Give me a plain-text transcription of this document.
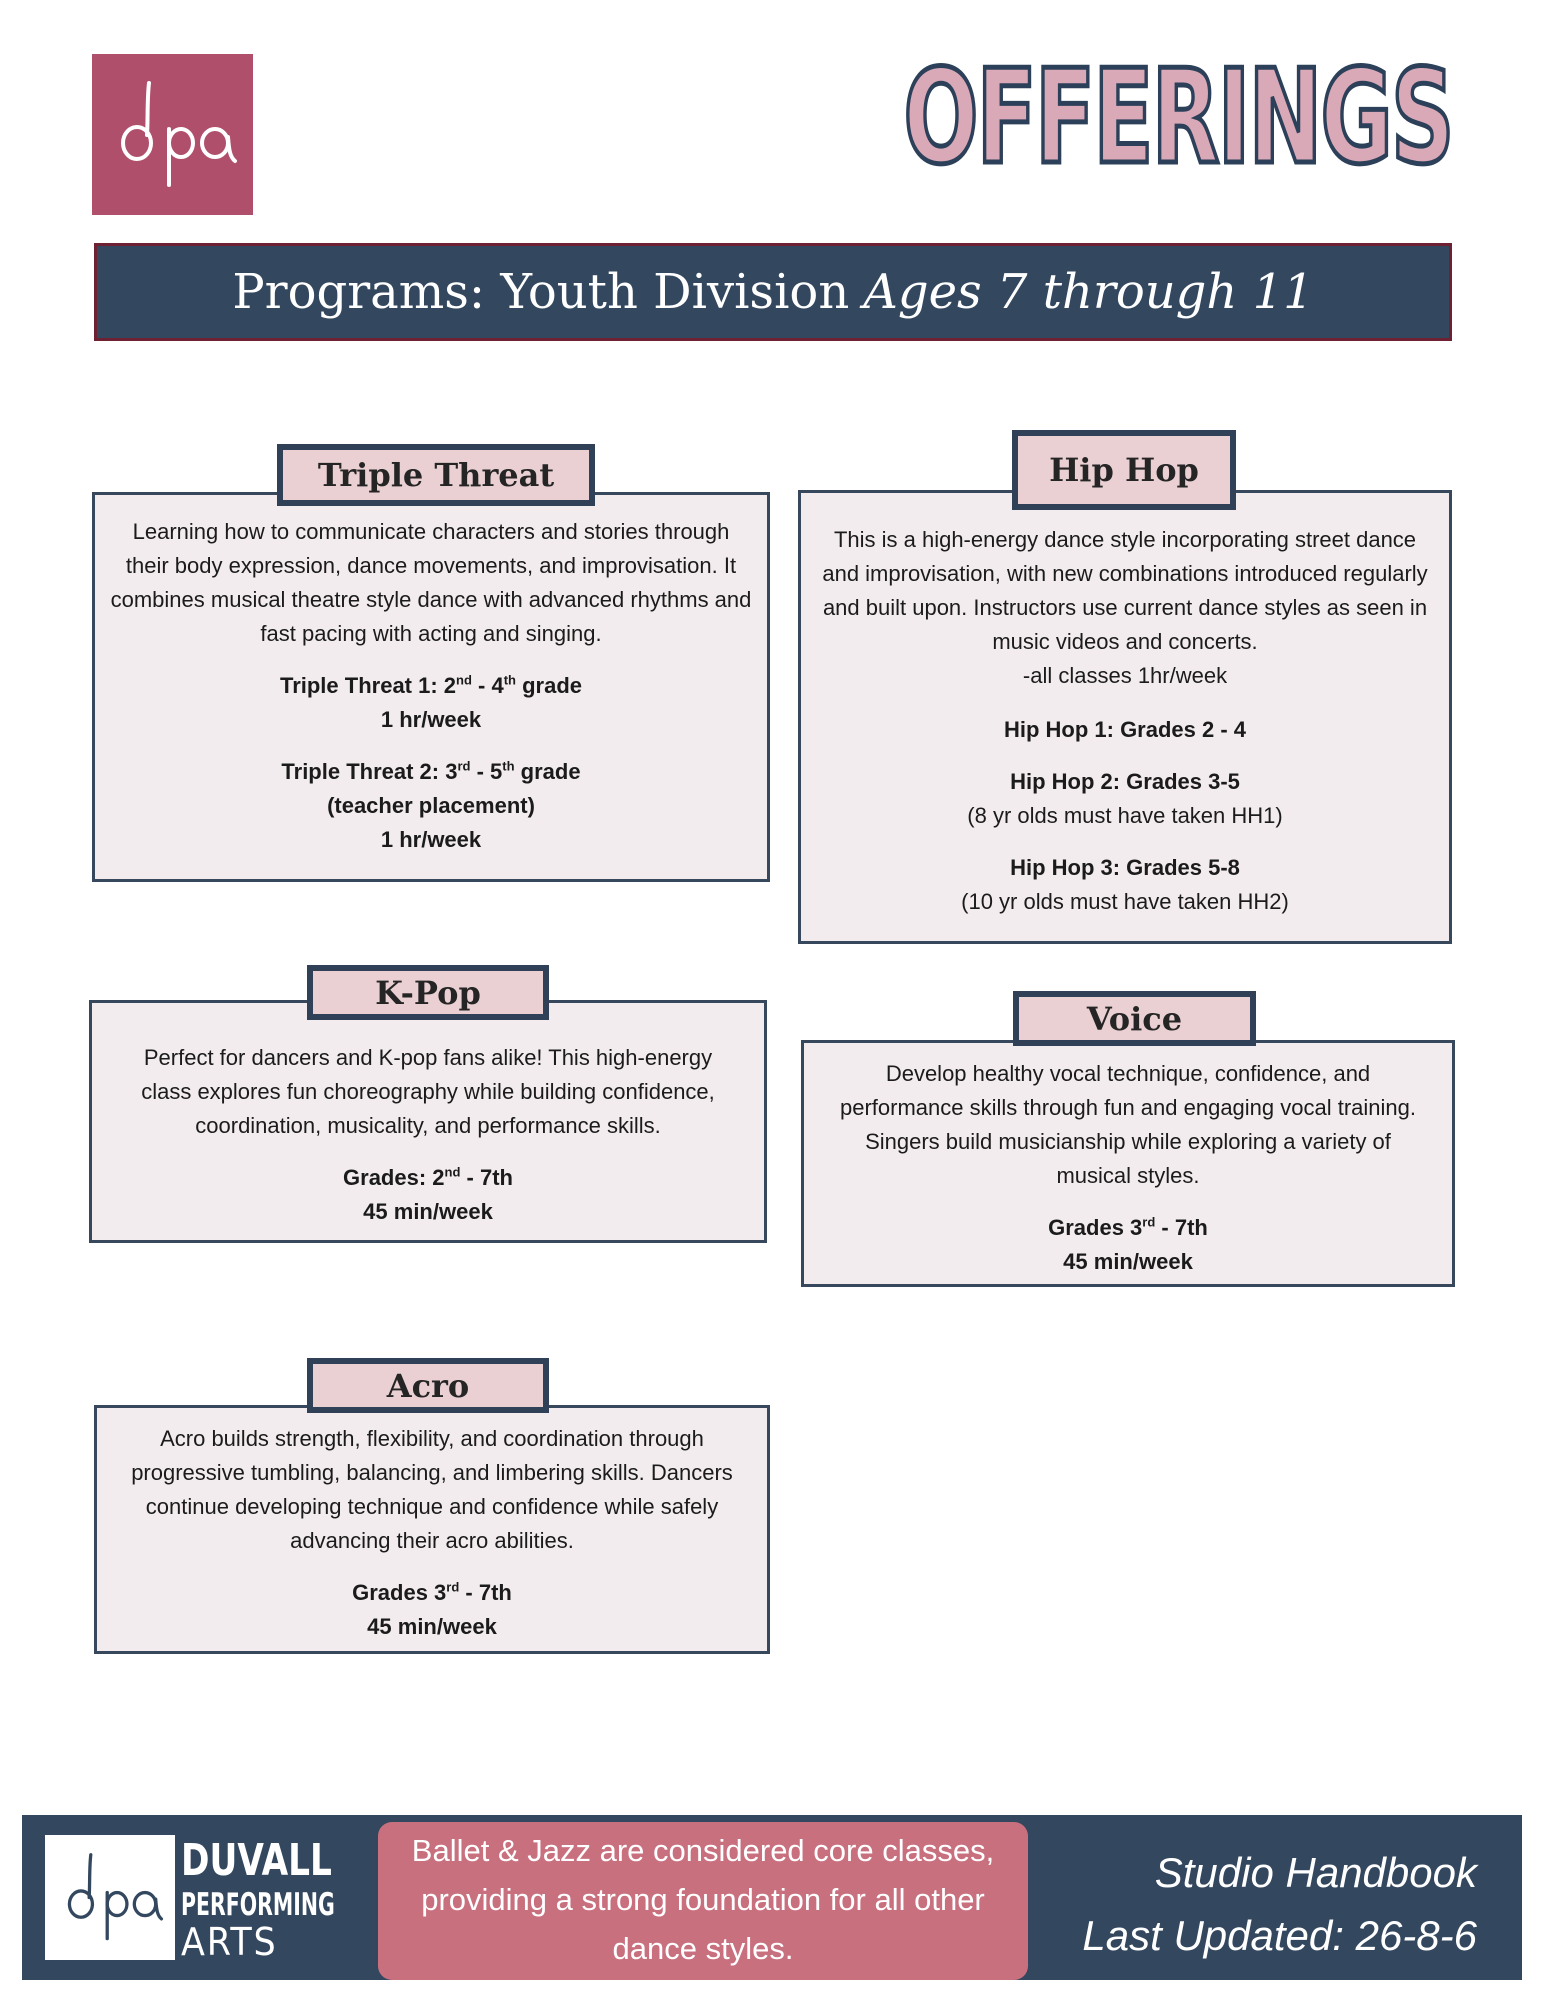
OFFERINGS
Programs: Youth Division Ages 7 through 11
Learning how to communicate characters and stories through their body expression, dance movements, and improvisation. It combines musical theatre style dance with advanced rhythms and fast pacing with acting and singing.
Triple Threat 1: 2nd - 4th grade
1 hr/week
Triple Threat 2: 3rd - 5th grade
(teacher placement)
1 hr/week
Triple Threat
This is a high-energy dance style incorporating street dance and improvisation, with new combinations introduced regularly and built upon. Instructors use current dance styles as seen in music videos and concerts.
-all classes 1hr/week
Hip Hop 1: Grades 2 - 4
Hip Hop 2: Grades 3-5
(8 yr olds must have taken HH1)
Hip Hop 3: Grades 5-8
(10 yr olds must have taken HH2)
Hip Hop
Perfect for dancers and K-pop fans alike! This high-energy class explores fun choreography while building confidence, coordination, musicality, and performance skills.
Grades: 2nd - 7th
45 min/week
K-Pop
Develop healthy vocal technique, confidence, and performance skills through fun and engaging vocal training. Singers build musicianship while exploring a variety of musical styles.
Grades 3rd - 7th
45 min/week
Voice
Acro builds strength, flexibility, and coordination through progressive tumbling, balancing, and limbering skills. Dancers continue developing technique and confidence while safely advancing their acro abilities.
Grades 3rd - 7th
45 min/week
Acro
DUVALL
PERFORMING
ARTS
Ballet & Jazz are considered core classes, providing a strong foundation for all other dance styles.
Studio Handbook
Last Updated: 26-8-6
